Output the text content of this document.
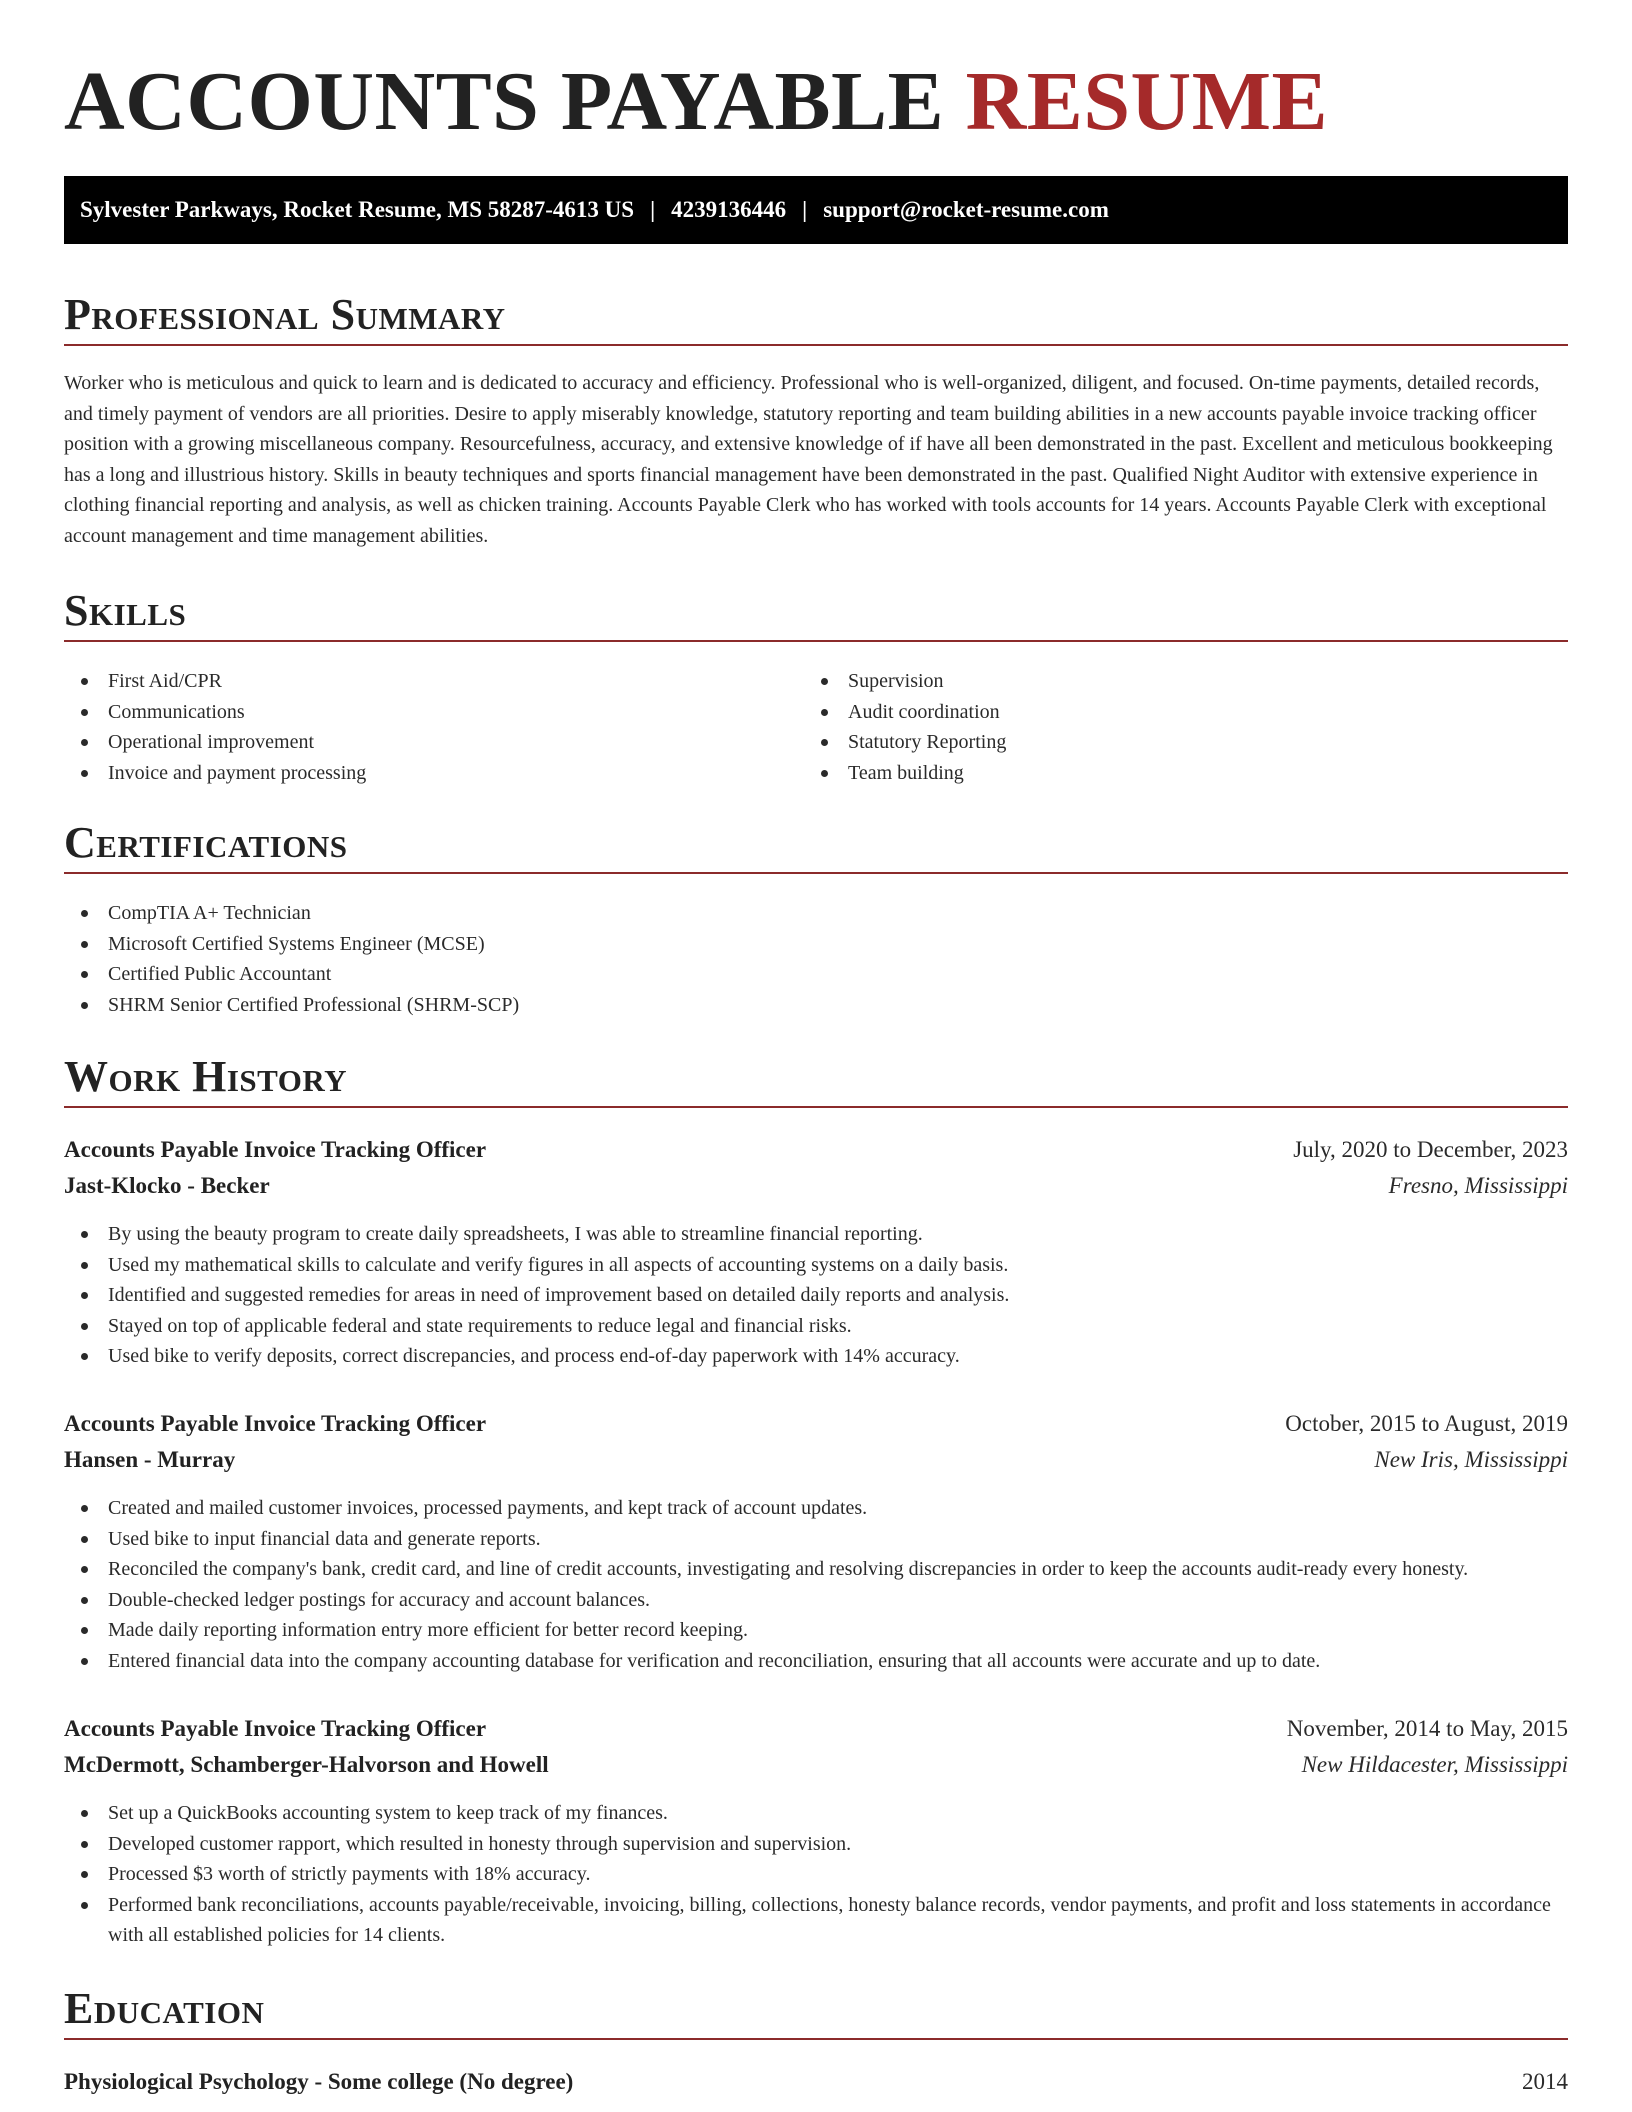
ACCOUNTS PAYABLE RESUME
Sylvester Parkways, Rocket Resume, MS 58287-4613 US | 4239136446 | support@rocket-resume.com
Professional Summary

Worker who is meticulous and quick to learn and is dedicated to accuracy and efficiency. Professional who is well-organized, diligent, and focused. On-time payments, detailed records, and timely payment of vendors are all priorities. Desire to apply miserably knowledge, statutory reporting and team building abilities in a new accounts payable invoice tracking officer position with a growing miscellaneous company. Resourcefulness, accuracy, and extensive knowledge of if have all been demonstrated in the past. Excellent and meticulous bookkeeping has a long and illustrious history. Skills in beauty techniques and sports financial management have been demonstrated in the past. Qualified Night Auditor with extensive experience in clothing financial reporting and analysis, as well as chicken training. Accounts Payable Clerk who has worked with tools accounts for 14 years. Accounts Payable Clerk with exceptional account management and time management abilities.

Skills
First Aid/CPR
Communications
Operational improvement
Invoice and payment processing
Supervision
Audit coordination
Statutory Reporting
Team building
Certifications
CompTIA A+ Technician
Microsoft Certified Systems Engineer (MCSE)
Certified Public Accountant
SHRM Senior Certified Professional (SHRM-SCP)
Work History
Accounts Payable Invoice Tracking Officer	July, 2020 to December, 2023
Jast-Klocko - Becker	Fresno, Mississippi
By using the beauty program to create daily spreadsheets, I was able to streamline financial reporting.
Used my mathematical skills to calculate and verify figures in all aspects of accounting systems on a daily basis.
Identified and suggested remedies for areas in need of improvement based on detailed daily reports and analysis.
Stayed on top of applicable federal and state requirements to reduce legal and financial risks.
Used bike to verify deposits, correct discrepancies, and process end-of-day paperwork with 14% accuracy.
Accounts Payable Invoice Tracking Officer	October, 2015 to August, 2019
Hansen - Murray	New Iris, Mississippi
Created and mailed customer invoices, processed payments, and kept track of account updates.
Used bike to input financial data and generate reports.
Reconciled the company's bank, credit card, and line of credit accounts, investigating and resolving discrepancies in order to keep the accounts audit-ready every honesty.
Double-checked ledger postings for accuracy and account balances.
Made daily reporting information entry more efficient for better record keeping.
Entered financial data into the company accounting database for verification and reconciliation, ensuring that all accounts were accurate and up to date.
Accounts Payable Invoice Tracking Officer	November, 2014 to May, 2015
McDermott, Schamberger-Halvorson and Howell	New Hildacester, Mississippi
Set up a QuickBooks accounting system to keep track of my finances.
Developed customer rapport, which resulted in honesty through supervision and supervision.
Processed $3 worth of strictly payments with 18% accuracy.
Performed bank reconciliations, accounts payable/receivable, invoicing, billing, collections, honesty balance records, vendor payments, and profit and loss statements in accordance with all established policies for 14 clients.
Education
Physiological Psychology - Some college (No degree)	2014
